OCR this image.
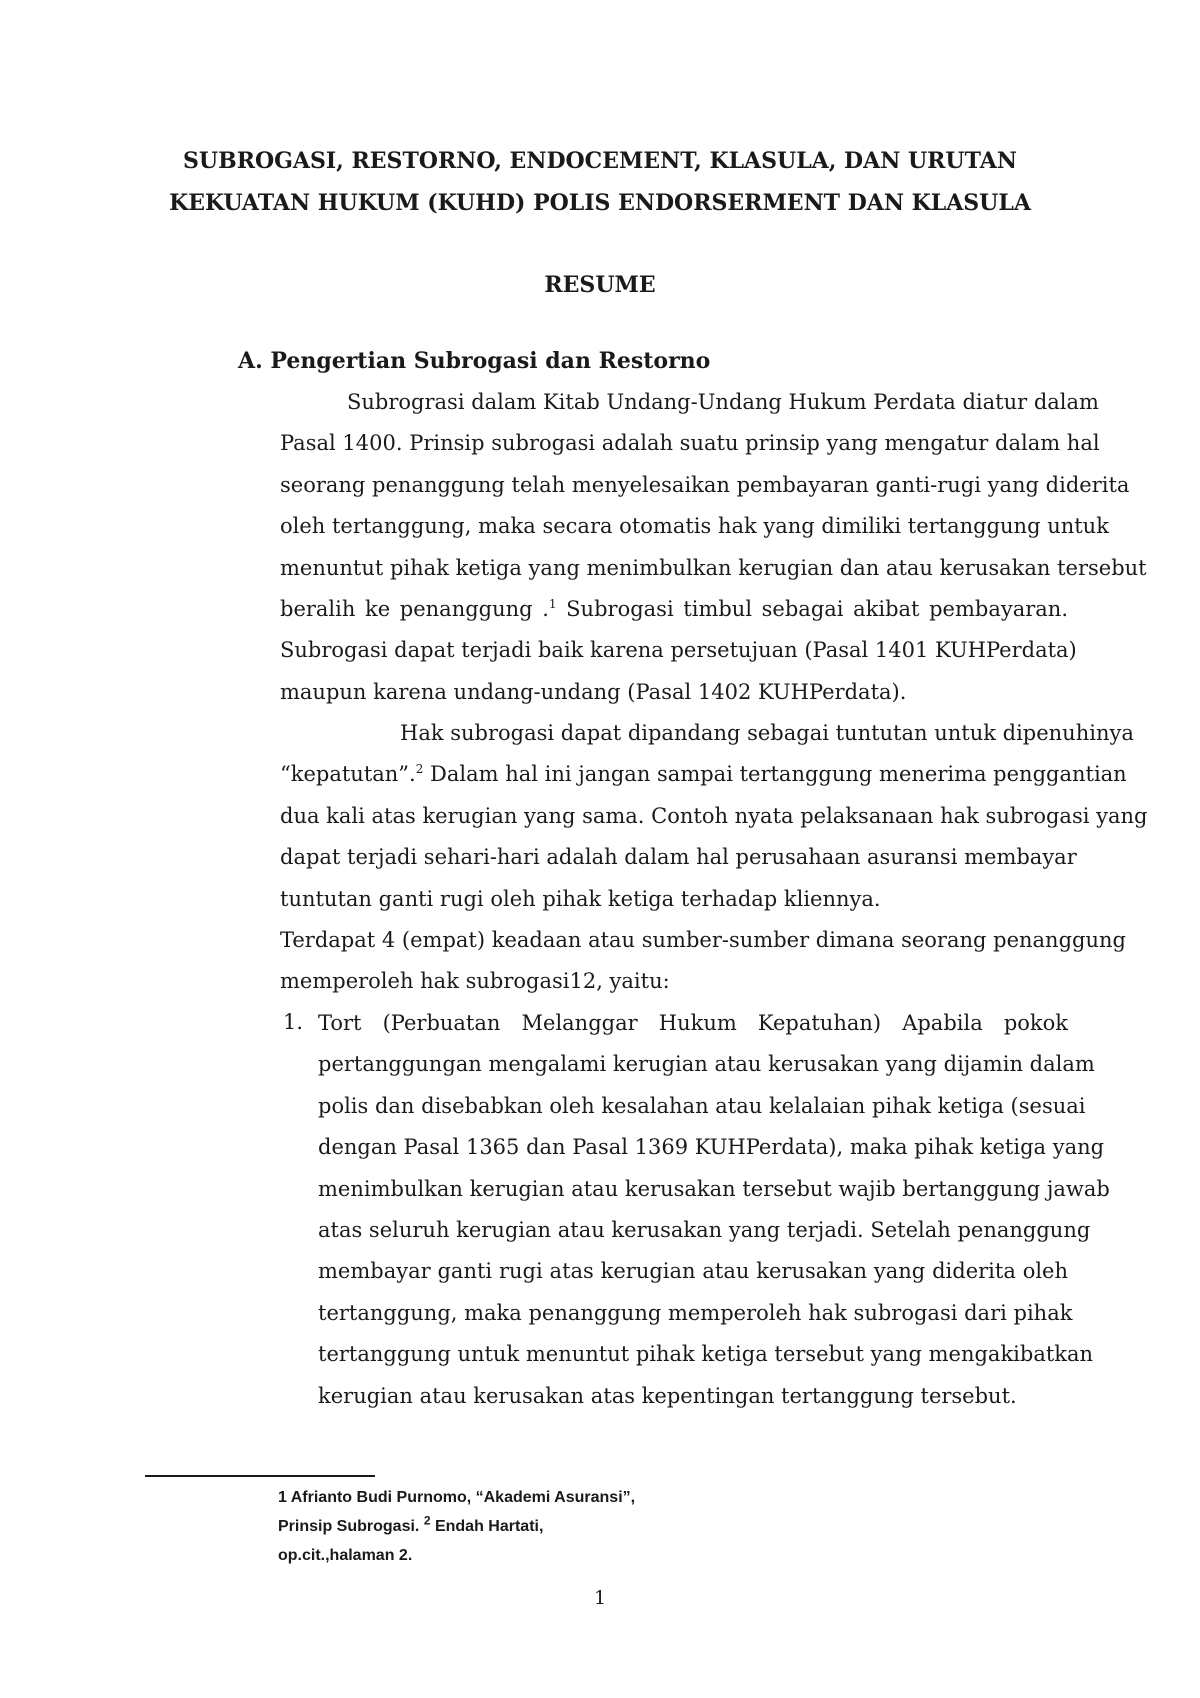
SUBROGASI, RESTORNO, ENDOCEMENT, KLASULA, DAN URUTAN
KEKUATAN HUKUM (KUHD) POLIS ENDORSERMENT DAN KLASULA
RESUME
A. Pengertian Subrogasi dan Restorno
Subrograsi dalam Kitab Undang-Undang Hukum Perdata diatur dalam
Pasal 1400. Prinsip subrogasi adalah suatu prinsip yang mengatur dalam hal
seorang penanggung telah menyelesaikan pembayaran ganti-rugi yang diderita
oleh tertanggung, maka secara otomatis hak yang dimiliki tertanggung untuk
menuntut pihak ketiga yang menimbulkan kerugian dan atau kerusakan tersebut
beralih ke penanggung .$^1$ Subrogasi timbul sebagai akibat pembayaran.
Subrogasi dapat terjadi baik karena persetujuan (Pasal 1401 KUHPerdata)
maupun karena undang-undang (Pasal 1402 KUHPerdata).
Hak subrogasi dapat dipandang sebagai tuntutan untuk dipenuhinya
“kepatutan”.$^2$ Dalam hal ini jangan sampai tertanggung menerima penggantian
dua kali atas kerugian yang sama. Contoh nyata pelaksanaan hak subrogasi yang
dapat terjadi sehari-hari adalah dalam hal perusahaan asuransi membayar
tuntutan ganti rugi oleh pihak ketiga terhadap kliennya.
Terdapat 4 (empat) keadaan atau sumber-sumber dimana seorang penanggung
memperoleh hak subrogasi12, yaitu:
1. Tort (Perbuatan Melanggar Hukum Kepatuhan) Apabila pokok
pertanggungan mengalami kerugian atau kerusakan yang dijamin dalam
polis dan disebabkan oleh kesalahan atau kelalaian pihak ketiga (sesuai
dengan Pasal 1365 dan Pasal 1369 KUHPerdata), maka pihak ketiga yang
menimbulkan kerugian atau kerusakan tersebut wajib bertanggung jawab
atas seluruh kerugian atau kerusakan yang terjadi. Setelah penanggung
membayar ganti rugi atas kerugian atau kerusakan yang diderita oleh
tertanggung, maka penanggung memperoleh hak subrogasi dari pihak
tertanggung untuk menuntut pihak ketiga tersebut yang mengakibatkan
kerugian atau kerusakan atas kepentingan tertanggung tersebut.
1 Afrianto Budi Purnomo, “Akademi Asuransi”,
Prinsip Subrogasi. $^2$ Endah Hartati,
op.cit.,halaman 2.
1
